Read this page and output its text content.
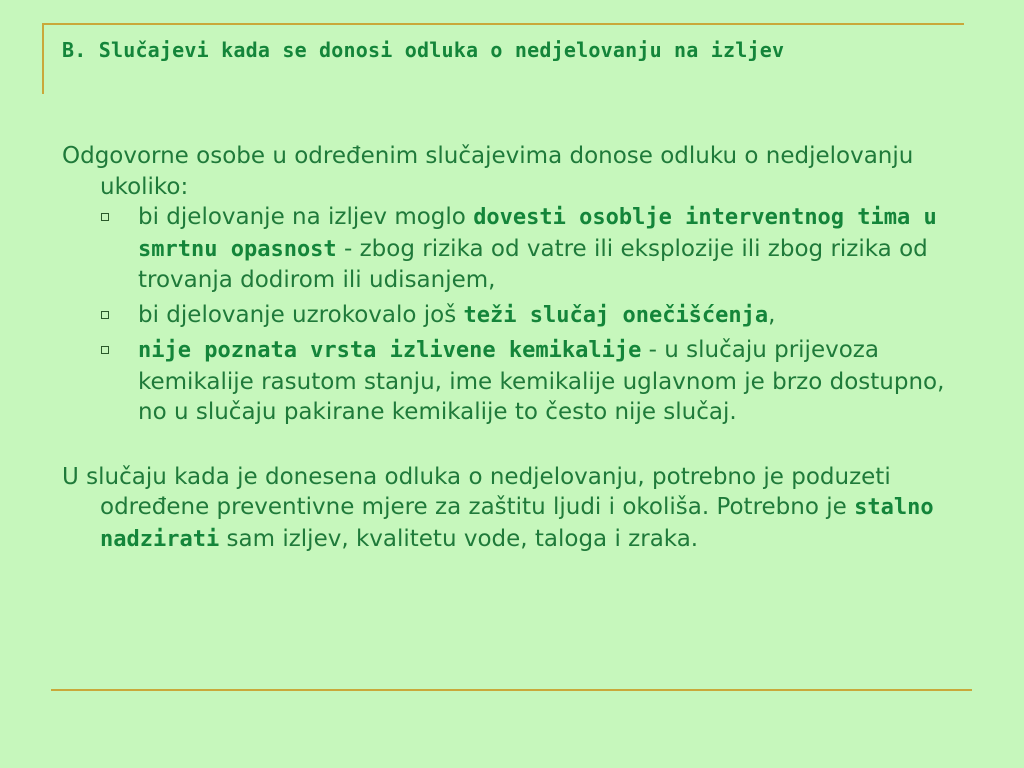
B. Slučajevi kada se donosi odluka o nedjelovanju na izljev

Odgovorne osobe u određenim slučajevima donose odluku o nedjelovanju ukoliko:

bi djelovanje na izljev moglo dovesti osoblje interventnog tima u smrtnu opasnost - zbog rizika od vatre ili eksplozije ili zbog rizika od trovanja dodirom ili udisanjem,
bi djelovanje uzrokovalo još teži slučaj onečišćenja,
nije poznata vrsta izlivene kemikalije - u slučaju prijevoza kemikalije rasutom stanju, ime kemikalije uglavnom je brzo dostupno, no u slučaju pakirane kemikalije to često nije slučaj.

U slučaju kada je donesena odluka o nedjelovanju, potrebno je poduzeti određene preventivne mjere za zaštitu ljudi i okoliša. Potrebno je stalno nadzirati sam izljev, kvalitetu vode, taloga i zraka.
